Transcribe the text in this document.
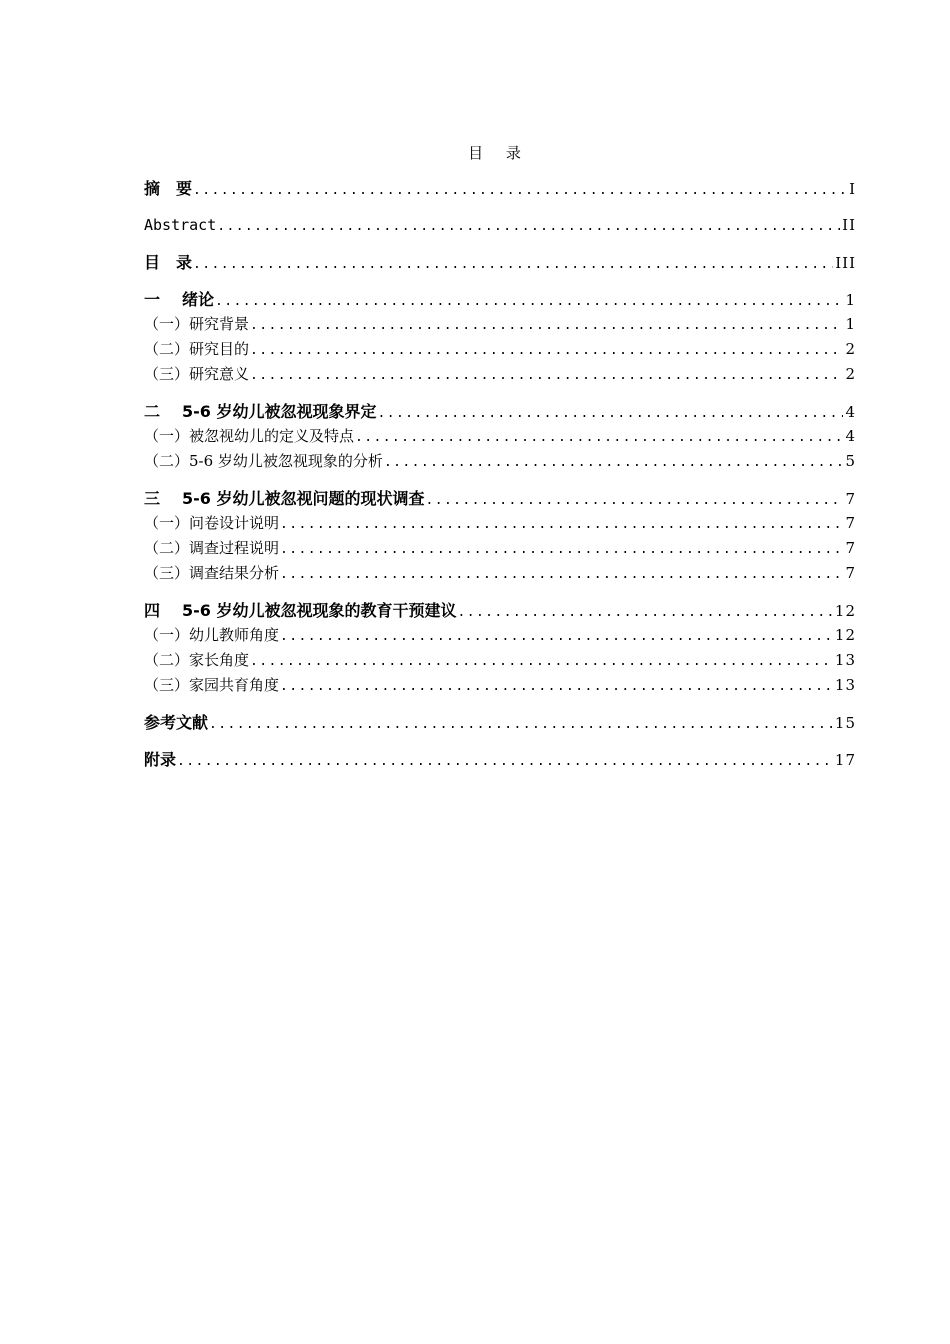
目 录
摘　要 .....	I
Abstract .....	II
目　录 .....	III
一 绪论 .....	1
（一）研究背景 .....	1
（二）研究目的 .....	2
（三）研究意义 .....	2
二 5-6 岁幼儿被忽视现象界定 .....	4
（一）被忽视幼儿的定义及特点 .....	4
（二）5-6 岁幼儿被忽视现象的分析 .....	5
三 5-6 岁幼儿被忽视问题的现状调查 .....	7
（一）问卷设计说明 .....	7
（二）调查过程说明 .....	7
（三）调查结果分析 .....	7
四 5-6 岁幼儿被忽视现象的教育干预建议 .....	12
（一）幼儿教师角度 .....	12
（二）家长角度 .....	13
（三）家园共育角度 .....	13
参考文献 .....	15
附录 .....	17
